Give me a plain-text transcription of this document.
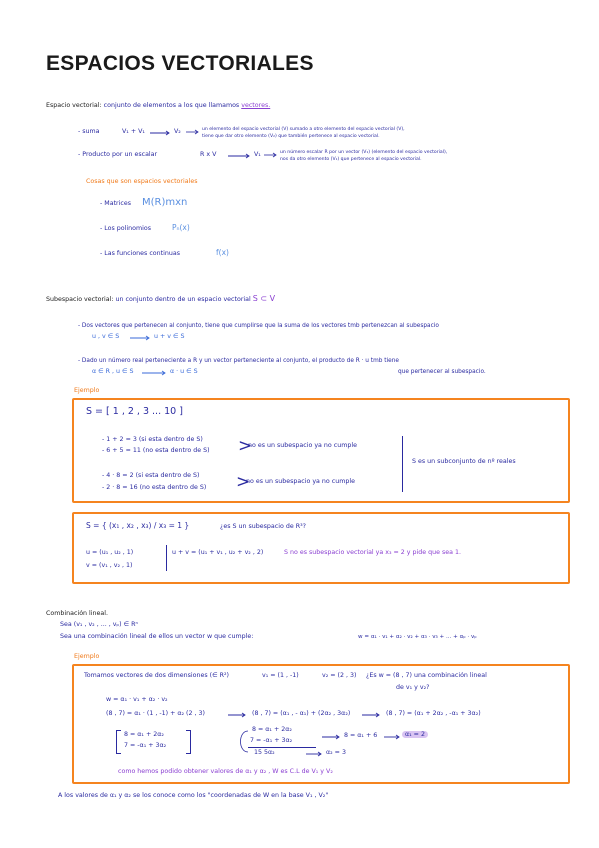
ESPACIOS VECTORIALES
Espacio vectorial: conjunto de elementos a los que llamamos vectores.
- suma	V₁ + V₁	V₂	un elemento del espacio vectorial (V) sumado a otro elemento del espacio vectorial (V),
tiene que dar otro elemento (V₂) que también pertenece al espacio vectorial.
- Producto por un escalar	R x V	V₁	un número escalar R por un vector (V₁) (elemento del espacio vectorial),
nos da otro elemento (V₁) que pertenece al espacio vectorial.
Cosas que son espacios vectoriales
- Matrices M(R)mxn
- Los polinomios	Pₙ(x)
- Las funciones continuas	f(x)
Subespacio vectorial: un conjunto dentro de un espacio vectorial S ⊂ V
- Dos vectores que pertenecen al conjunto, tiene que cumplirse que la suma de los vectores tmb pertenezcan al subespacio
u , v ∈ S	u + v ∈ S
- Dado un número real perteneciente a R y un vector perteneciente al conjunto, el producto de R · u tmb tiene
α ∈ R , u ∈ S	α · u ∈ S	que pertenecer al subespacio.
Ejemplo
S = [ 1 , 2 , 3 ... 10 ]
- 1 + 2 = 3 (si esta dentro de S)
- 6 + 5 = 11 (no esta dentro de S) >
no es un subespacio ya no cumple
- 4 · 8 = 2 (si esta dentro de S)
- 2 · 8 = 16 (no esta dentro de S) >
no es un subespacio ya no cumple
S es un subconjunto de nº reales
S = { (x₁ , x₂ , x₃) / x₃ = 1 }	¿es S un subespacio de R³?
u = (u₁ , u₂ , 1)
v = (v₁ , v₂ , 1)
u + v = (u₁ + v₁ , u₂ + v₂ , 2)	S no es subespacio vectorial ya x₃ = 2 y pide que sea 1.
Combinación lineal.
Sea (v₁ , v₂ , ... , vₚ) ∈ Rⁿ
Sea una combinación lineal de ellos un vector w que cumple:	w = α₁ · v₁ + α₂ · v₂ + α₃ · v₃ + ... + αₚ · vₚ
Ejemplo
Tomamos vectores de dos dimensiones (∈ R²)	v₁ = (1 , -1)	v₂ = (2 , 3) ¿Es w = (8 , 7) una combinación lineal
de v₁ y v₂?
w = α₁ · v₁ + α₂ · v₂
(8 , 7) = α₁ · (1 , -1) + α₂ (2 , 3)	(8 , 7) = (α₁ , - α₁) + (2α₂ , 3α₂)	(8 , 7) = (α₁ + 2α₂ , -α₁ + 3α₂)
8 = α₁ + 2α₂
7 = -α₁ + 3α₂
8 = α₁ + 2α₂
7 = -α₁ + 3α₂
15 5α₂	α₂ = 3
8 = α₁ + 6	α₁ = 2
como hemos podido obtener valores de α₁ y α₂ , W es C.L de V₁ y V₂
A los valores de α₁ y α₂ se los conoce como los "coordenadas de W en la base V₁ , V₂"
